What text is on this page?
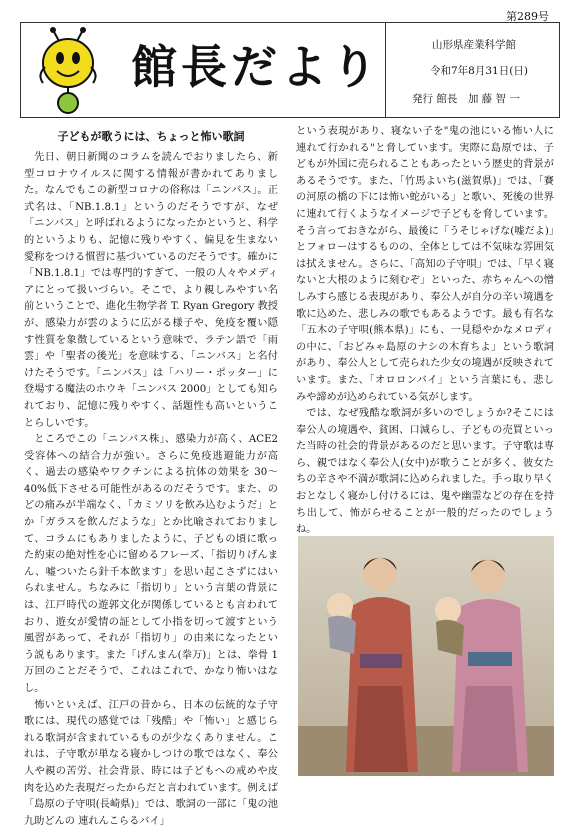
第289号
館長だより	山形県産業科学館
令和7年8月31日(日)
発行 館長　加 藤 智 一
子どもが歌うには、ちょっと怖い歌詞

先日、朝日新聞のコラムを読んでおりましたら、新型コロナウイルスに関する情報が書かれてありました。なんでもこの新型コロナの俗称は「ニンバス」。正式名は、「NB.1.8.1」というのだそうですが、なぜ「ニンバス」と呼ばれるようになったかというと、科学的というよりも、記憶に残りやすく、偏見を生まない愛称をつける慣習に基づいているのだそうです。確かに「NB.1.8.1」では専門的すぎて、一般の人々やメディアにとって扱いづらい。そこで、より親しみやすい名前ということで、進化生物学者 T. Ryan Gregory 教授が、感染力が雲のように広がる様子や、免疫を覆い隠す性質を象徴しているという意味で、ラテン語で「雨雲」や「聖者の後光」を意味する、「ニンバス」と名付けたそうです。「ニンバス」は「ハリー・ポッター」に登場する魔法のホウキ「ニンバス 2000」としても知られており、記憶に残りやすく、話題性も高いということらしいです。

ところでこの「ニンバス株」、感染力が高く、ACE2受容体への結合力が強い。さらに免疫逃避能力が高く、過去の感染やワクチンによる抗体の効果を 30～40%低下させる可能性があるのだそうです。また、のどの痛みが半端なく、「カミソリを飲み込むようだ」とか「ガラスを飲んだような」とか比喩されておりまして、コラムにもありましたように、子どもの頃に歌った約束の絶対性を心に留めるフレーズ、「指切りげんまん、嘘ついたら針千本飲ます」を思い起こさずにはいられません。ちなみに「指切り」という言葉の背景には、江戸時代の遊郭文化が関係しているとも言われており、遊女が愛情の証として小指を切って渡すという風習があって、それが「指切り」の由来になったという説もあります。また「げんまん(拳万)」とは、拳骨 1 万回のことだそうで、これはこれで、かなり怖いはなし。

怖いといえば、江戸の昔から、日本の伝統的な子守歌には、現代の感覚では「残酷」や「怖い」と感じられる歌詞が含まれているものが少なくありません。これは、子守歌が単なる寝かしつけの歌ではなく、奉公人や親の苦労、社会背景、時には子どもへの戒めや皮肉を込めた表現だったからだと言われています。例えば「島原の子守唄(長崎県)」では、歌詞の一部に「鬼の池 九助どんの 連れんこらるバイ」

という表現があり、寝ない子を"鬼の池にいる怖い人に連れて行かれる"と脅しています。実際に島原では、子どもが外国に売られることもあったという歴史的背景があるそうです。また、「竹馬よいち(滋賀県)」では、「賽の河原の橋の下には怖い蛇がいる」と歌い、死後の世界に連れて行くようなイメージで子どもを脅しています。そう言っておきながら、最後に「うそじゃげな(嘘だよ)」とフォローはするものの、全体としては不気味な雰囲気は拭えません。さらに、「高知の子守唄」では、「早く寝ないと大根のように刻むぞ」といった、赤ちゃんへの憎しみすら感じる表現があり、奉公人が自分の辛い境遇を歌に込めた、悲しみの歌でもあるようです。最も有名な「五木の子守唄(熊本県)」にも、一見穏やかなメロディの中に、「おどみゃ島原のナシの木育ちよ」という歌詞があり、奉公人として売られた少女の境遇が反映されています。また、「オロロンバイ」という言葉にも、悲しみや諦めが込められている気がします。

では、なぜ残酷な歌詞が多いのでしょうか?そこには奉公人の境遇や、貧困、口減らし、子どもの売買といった当時の社会的背景があるのだと思います。子守歌は専ら、親ではなく奉公人(女中)が歌うことが多く、彼女たちの辛さや不満が歌詞に込められました。手っ取り早くおとなしく寝かし付けるには、鬼や幽霊などの存在を持ち出して、怖がらせることが一般的だったのでしょうね。
